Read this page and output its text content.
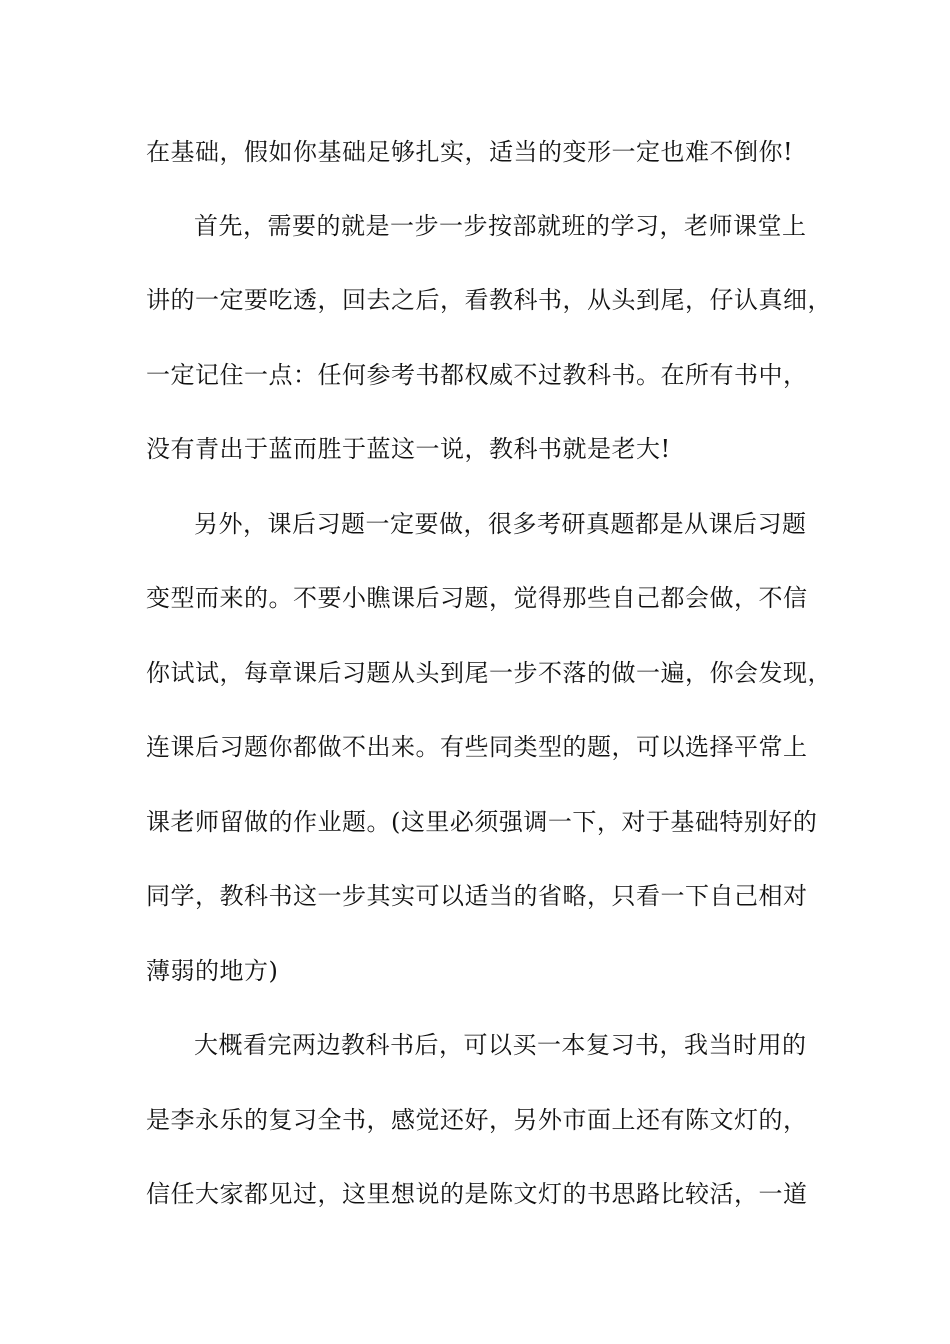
在基础，假如你基础足够扎实，适当的变形一定也难不倒你!
首先，需要的就是一步一步按部就班的学习，老师课堂上
讲的一定要吃透，回去之后，看教科书，从头到尾，仔认真细，
一定记住一点：任何参考书都权威不过教科书。在所有书中，
没有青出于蓝而胜于蓝这一说，教科书就是老大!
另外，课后习题一定要做，很多考研真题都是从课后习题
变型而来的。不要小瞧课后习题，觉得那些自己都会做，不信
你试试，每章课后习题从头到尾一步不落的做一遍，你会发现，
连课后习题你都做不出来。有些同类型的题，可以选择平常上
课老师留做的作业题。(这里必须强调一下，对于基础特别好的
同学，教科书这一步其实可以适当的省略，只看一下自己相对
薄弱的地方)
大概看完两边教科书后，可以买一本复习书，我当时用的
是李永乐的复习全书，感觉还好，另外市面上还有陈文灯的，
信任大家都见过，这里想说的是陈文灯的书思路比较活，一道
